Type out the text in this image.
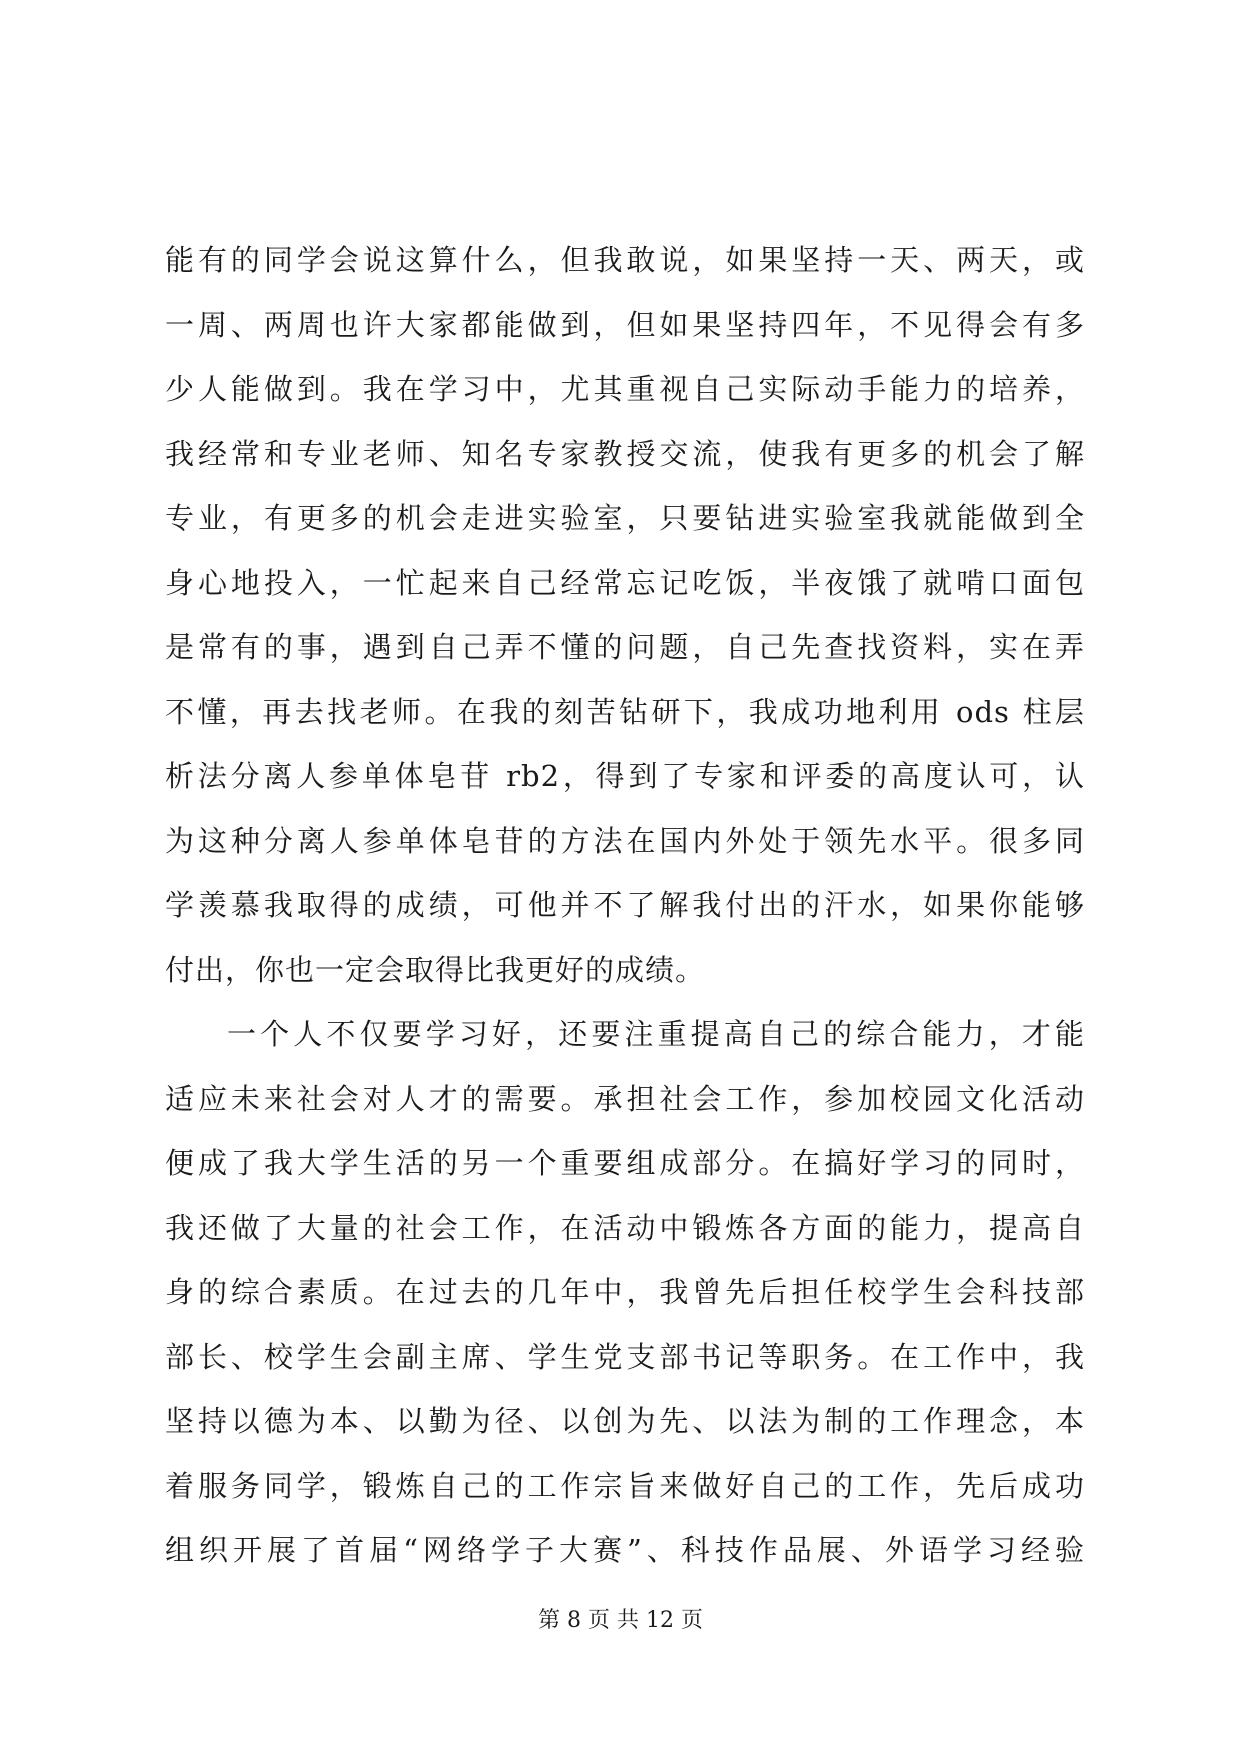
能有的同学会说这算什么，但我敢说，如果坚持一天、两天，或
一周、两周也许大家都能做到，但如果坚持四年，不见得会有多
少人能做到。我在学习中，尤其重视自己实际动手能力的培养，
我经常和专业老师、知名专家教授交流，使我有更多的机会了解
专业，有更多的机会走进实验室，只要钻进实验室我就能做到全
身心地投入，一忙起来自己经常忘记吃饭，半夜饿了就啃口面包
是常有的事，遇到自己弄不懂的问题，自己先查找资料，实在弄
不懂，再去找老师。在我的刻苦钻研下，我成功地利用 ods 柱层
析法分离人参单体皂苷 rb2，得到了专家和评委的高度认可，认
为这种分离人参单体皂苷的方法在国内外处于领先水平。很多同
学羡慕我取得的成绩，可他并不了解我付出的汗水，如果你能够
付出，你也一定会取得比我更好的成绩。
一个人不仅要学习好，还要注重提高自己的综合能力，才能
适应未来社会对人才的需要。承担社会工作，参加校园文化活动
便成了我大学生活的另一个重要组成部分。在搞好学习的同时，
我还做了大量的社会工作，在活动中锻炼各方面的能力，提高自
身的综合素质。在过去的几年中，我曾先后担任校学生会科技部
部长、校学生会副主席、学生党支部书记等职务。在工作中，我
坚持以德为本、以勤为径、以创为先、以法为制的工作理念，本
着服务同学，锻炼自己的工作宗旨来做好自己的工作，先后成功
组织开展了首届“网络学子大赛”、科技作品展、外语学习经验
第 8 页 共 12 页
